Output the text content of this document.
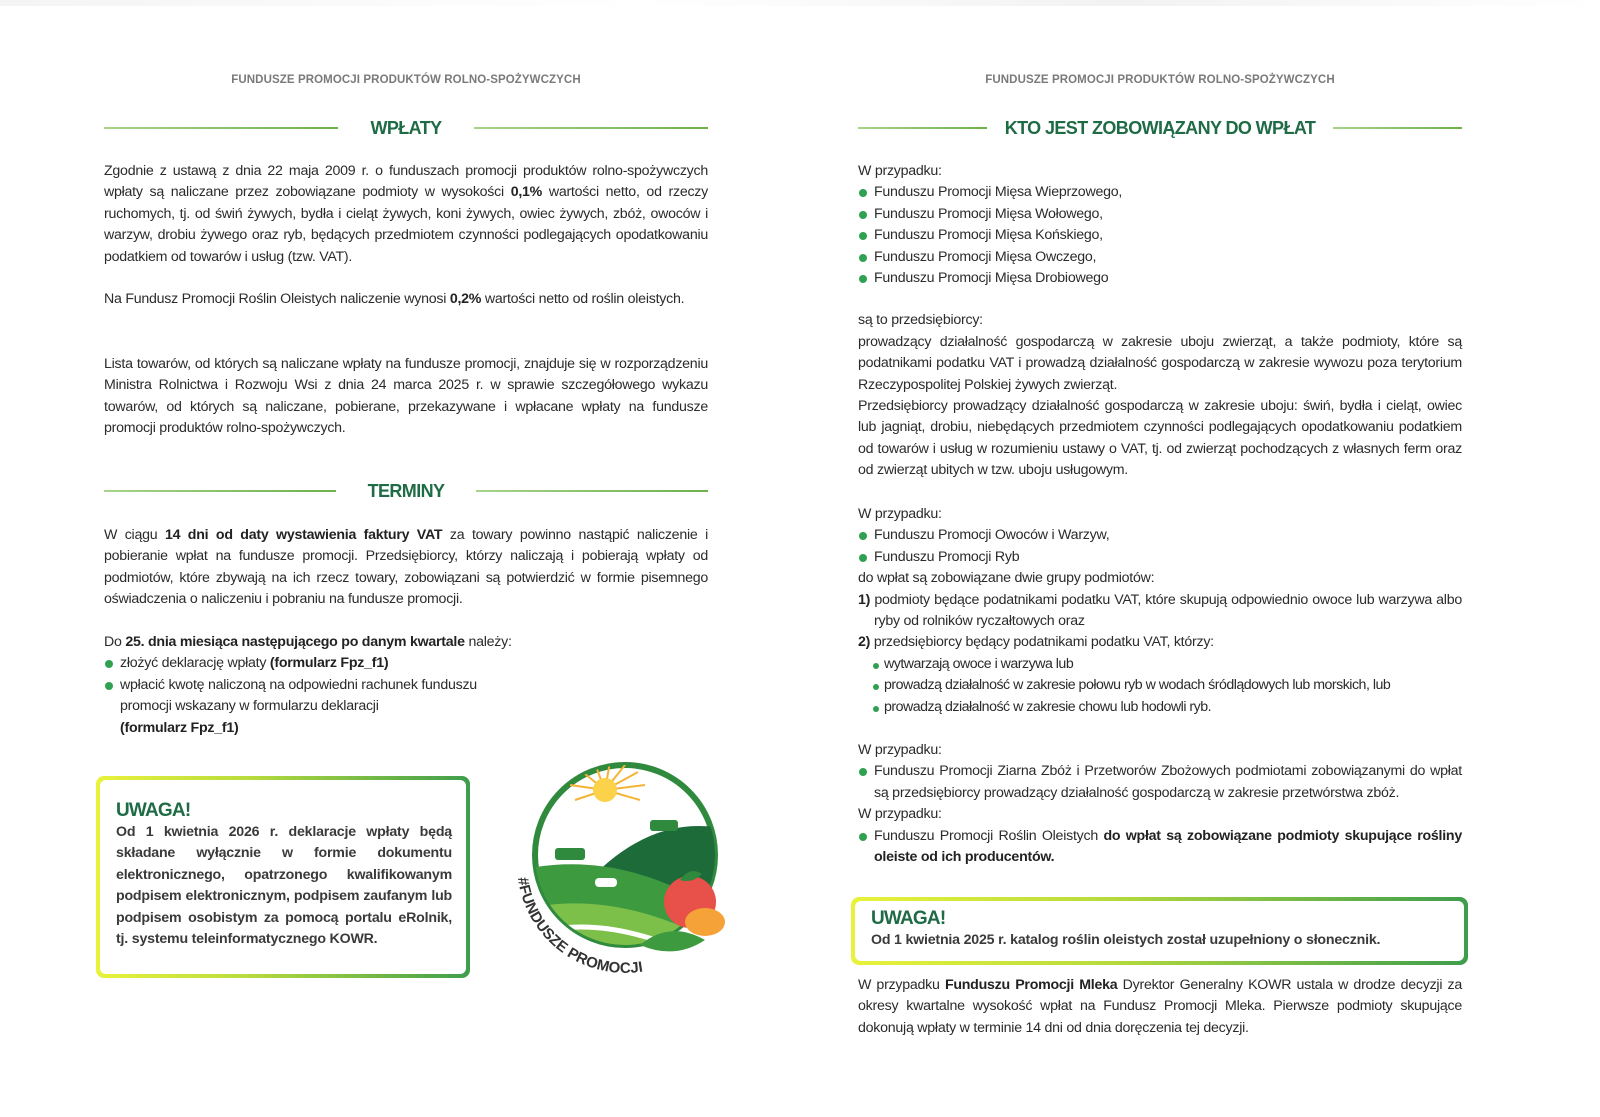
FUNDUSZE PROMOCJI PRODUKTÓW ROLNO-SPOŻYWCZYCH
WPŁATY
Zgodnie z ustawą z dnia 22 maja 2009 r. o funduszach promocji produktów rolno-spożywczych wpłaty są naliczane przez zobowiązane podmioty w wysokości 0,1% wartości netto, od rzeczy ruchomych, tj. od świń żywych, bydła i cieląt żywych, koni żywych, owiec żywych, zbóż, owoców i warzyw, drobiu żywego oraz ryb, będących przedmiotem czynności podlegających opodatkowaniu podatkiem od towarów i usług (tzw. VAT).
Na Fundusz Promocji Roślin Oleistych naliczenie wynosi 0,2% wartości netto od roślin oleistych.
Lista towarów, od których są naliczane wpłaty na fundusze promocji, znajduje się w rozporządzeniu Ministra Rolnictwa i Rozwoju Wsi z dnia 24 marca 2025 r. w sprawie szczegółowego wykazu towarów, od których są naliczane, pobierane, przekazywane i wpłacane wpłaty na fundusze promocji produktów rolno-spożywczych.
TERMINY
W ciągu 14 dni od daty wystawienia faktury VAT za towary powinno nastąpić naliczenie i pobieranie wpłat na fundusze promocji. Przedsiębiorcy, którzy naliczają i pobierają wpłaty od podmiotów, które zbywają na ich rzecz towary, zobowiązani są potwierdzić w formie pisemnego oświadczenia o naliczeniu i pobraniu na fundusze promocji.
Do 25. dnia miesiąca następującego po danym kwartale należy:
złożyć deklarację wpłaty (formularz Fpz_f1)
wpłacić kwotę naliczoną na odpowiedni rachunek funduszu promocji wskazany w formularzu deklaracji
(formularz Fpz_f1)
UWAGA!
Od 1 kwietnia 2026 r. deklaracje wpłaty będą składane wyłącznie w formie dokumentu elektronicznego, opatrzonego kwalifikowanym podpisem elektronicznym, podpisem zaufanym lub podpisem osobistym za pomocą portalu eRolnik, tj. systemu teleinformatycznego KOWR.
#FUNDUSZE PROMOCJI
FUNDUSZE PROMOCJI PRODUKTÓW ROLNO-SPOŻYWCZYCH
KTO JEST ZOBOWIĄZANY DO WPŁAT
W przypadku:
Funduszu Promocji Mięsa Wieprzowego,
Funduszu Promocji Mięsa Wołowego,
Funduszu Promocji Mięsa Końskiego,
Funduszu Promocji Mięsa Owczego,
Funduszu Promocji Mięsa Drobiowego
są to przedsiębiorcy:
prowadzący działalność gospodarczą w zakresie uboju zwierząt, a także podmioty, które są podatnikami podatku VAT i prowadzą działalność gospodarczą w zakresie wywozu poza terytorium Rzeczypospolitej Polskiej żywych zwierząt.
Przedsiębiorcy prowadzący działalność gospodarczą w zakresie uboju: świń, bydła i cieląt, owiec lub jagniąt, drobiu, niebędących przedmiotem czynności podlegających opodatkowaniu podatkiem od towarów i usług w rozumieniu ustawy o VAT, tj. od zwierząt pochodzących z własnych ferm oraz od zwierząt ubitych w tzw. uboju usługowym.
W przypadku:
Funduszu Promocji Owoców i Warzyw,
Funduszu Promocji Ryb
do wpłat są zobowiązane dwie grupy podmiotów:
1) podmioty będące podatnikami podatku VAT, które skupują odpowiednio owoce lub warzywa albo ryby od rolników ryczałtowych oraz
2) przedsiębiorcy będący podatnikami podatku VAT, którzy:
wytwarzają owoce i warzywa lub
prowadzą działalność w zakresie połowu ryb w wodach śródlądowych lub morskich, lub
prowadzą działalność w zakresie chowu lub hodowli ryb.
W przypadku:
Funduszu Promocji Ziarna Zbóż i Przetworów Zbożowych podmiotami zobowiązanymi do wpłat są przedsiębiorcy prowadzący działalność gospodarczą w zakresie przetwórstwa zbóż.
W przypadku:
Funduszu Promocji Roślin Oleistych do wpłat są zobowiązane podmioty skupujące rośliny oleiste od ich producentów.
W przypadku Funduszu Promocji Mleka Dyrektor Generalny KOWR ustala w drodze decyzji za okresy kwartalne wysokość wpłat na Fundusz Promocji Mleka. Pierwsze podmioty skupujące dokonują wpłaty w terminie 14 dni od dnia doręczenia tej decyzji.
UWAGA!
Od 1 kwietnia 2025 r. katalog roślin oleistych został uzupełniony o słonecznik.
